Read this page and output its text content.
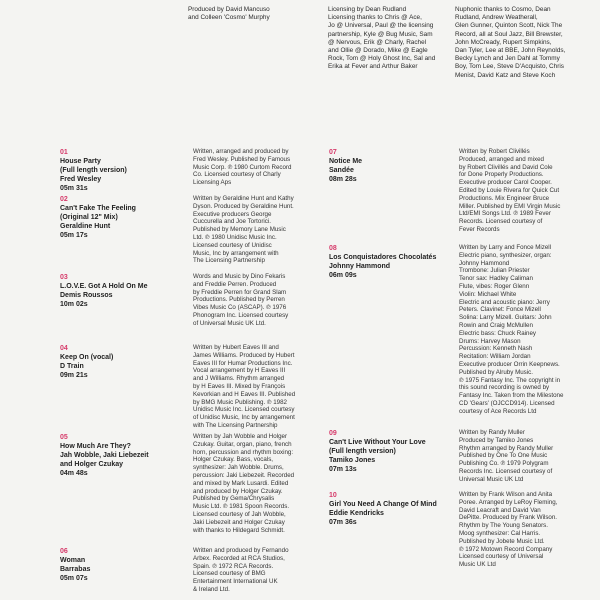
Produced by David Mancuso
and Colleen 'Cosmo' Murphy
Licensing by Dean Rudland
Licensing thanks to Chris @ Ace,
Jo @ Universal, Paul @ the licensing
partnership, Kyle @ Bug Music, Sam
@ Nervous, Erik @ Charly, Rachel
and Ollie @ Dorado, Mike @ Eagle
Rock, Tom @ Holy Ghost Inc, Sal and
Erika at Fever and Arthur Baker
Nuphonic thanks to Cosmo, Dean
Rudland, Andrew Weatherall,
Glen Gunner, Quinton Scott, Nick The
Record, all at Soul Jazz, Bill Brewster,
John McCready, Rupert Simpkins,
Dan Tyler, Lee at BBE, John Reynolds,
Becky Lynch and Jen Dahl at Tommy
Boy, Tom Lee, Steve D'Acquisto, Chris
Menist, David Katz and Steve Koch
01
House Party
(Full length version)
Fred Wesley
05m 31s
Written, arranged and produced by
Fred Wesley. Published by Famous
Music Corp. ℗ 1980 Curtom Record
Co. Licensed courtesy of Charly
Licensing Aps
02
Can't Fake The Feeling
(Original 12" Mix)
Geraldine Hunt
05m 17s
Written by Geraldine Hunt and Kathy
Dyson. Produced by Geraldine Hunt.
Executive producers George
Cuccurella and Joe Tortorici.
Published by Memory Lane Music
Ltd. ℗ 1980 Unidisc Music Inc.
Licensed courtesy of Unidisc
Music, Inc by arrangement with
The Licensing Partnership
03
L.O.V.E. Got A Hold On Me
Demis Roussos
10m 02s
Words and Music by Dino Fekaris
and Freddie Perren. Produced
by Freddie Perren for Grand Slam
Productions. Published by Perren
Vibes Music Co (ASCAP). ℗ 1976
Phonogram Inc. Licensed courtesy
of Universal Music UK Ltd.
04
Keep On (vocal)
D Train
09m 21s
Written by Hubert Eaves III and
James Williams. Produced by Hubert
Eaves III for Humar Productions Inc.
Vocal arrangement by H Eaves III
and J Williams. Rhythm arranged
by H Eaves III. Mixed by François
Kevorkian and H Eaves III. Published
by BMG Music Publishing. ℗ 1982
Unidisc Music Inc. Licensed courtesy
of Unidisc Music, Inc by arrangement
with The Licensing Partnership
05
How Much Are They?
Jah Wobble, Jaki Liebezeit
and Holger Czukay
04m 48s
Written by Jah Wobble and Holger
Czukay. Guitar, organ, piano, french
horn, percussion and rhythm boxing:
Holger Czukay. Bass, vocals,
synthesizer: Jah Wobble. Drums,
percussion: Jaki Liebezeit. Recorded
and mixed by Mark Lusardi. Edited
and produced by Holger Czukay.
Published by Gema/Chrysalis
Music Ltd. ℗ 1981 Spoon Records.
Licensed courtesy of Jah Wobble,
Jaki Liebezeit and Holger Czukay
with thanks to Hildegard Schmidt.
06
Woman
Barrabas
05m 07s
Written and produced by Fernando
Arbex. Recorded at RCA Studios,
Spain. ℗ 1972 RCA Records.
Licensed courtesy of BMG
Entertainment International UK
& Ireland Ltd.
07
Notice Me
Sandée
08m 28s
Written by Robert Clivillés
Produced, arranged and mixed
by Robert Clivillés and David Cole
for Done Properly Productions.
Executive producer Carol Cooper.
Edited by Louie Rivera for Quick Cut
Productions. Mix Engineer Bruce
Miller. Published by EMI Virgin Music
Ltd/EMI Songs Ltd. ℗ 1989 Fever
Records. Licensed courtesy of
Fever Records
08
Los Conquistadores Chocolatés
Johnny Hammond
06m 09s
Written by Larry and Fonce Mizell
Electric piano, synthesizer, organ:
Johnny Hammond
Trombone: Julian Priester
Tenor sax: Hadley Caliman
Flute, vibes: Roger Glenn
Violin: Michael White
Electric and acoustic piano: Jerry
Peters. Clavinet: Fonce Mizell
Solina: Larry Mizell. Guitars: John
Rowin and Craig McMullen
Electric bass: Chuck Rainey
Drums: Harvey Mason
Percussion: Kenneth Nash
Recitation: William Jordan
Executive producer Orrin Keepnews.
Published by Alruby Music.
℗ 1975 Fantasy Inc. The copyright in
this sound recording is owned by
Fantasy Inc. Taken from the Milestone
CD 'Gears' (OJCCD914). Licensed
courtesy of Ace Records Ltd
09
Can't Live Without Your Love
(Full length version)
Tamiko Jones
07m 13s
Written by Randy Muller
Produced by Tamiko Jones
Rhythm arranged by Randy Muller
Published by One To One Music
Publishing Co. ℗ 1979 Polygram
Records Inc. Licensed courtesy of
Universal Music UK Ltd
10
Girl You Need A Change Of Mind
Eddie Kendricks
07m 36s
Written by Frank Wilson and Anita
Poree. Arranged by LeRoy Fleming,
David Leacraft and David Van
DePitte. Produced by Frank Wilson.
Rhythm by The Young Senators.
Moog synthesizer: Cal Harris.
Published by Jobete Music Ltd.
℗ 1972 Motown Record Company
Licensed courtesy of Universal
Music UK Ltd
